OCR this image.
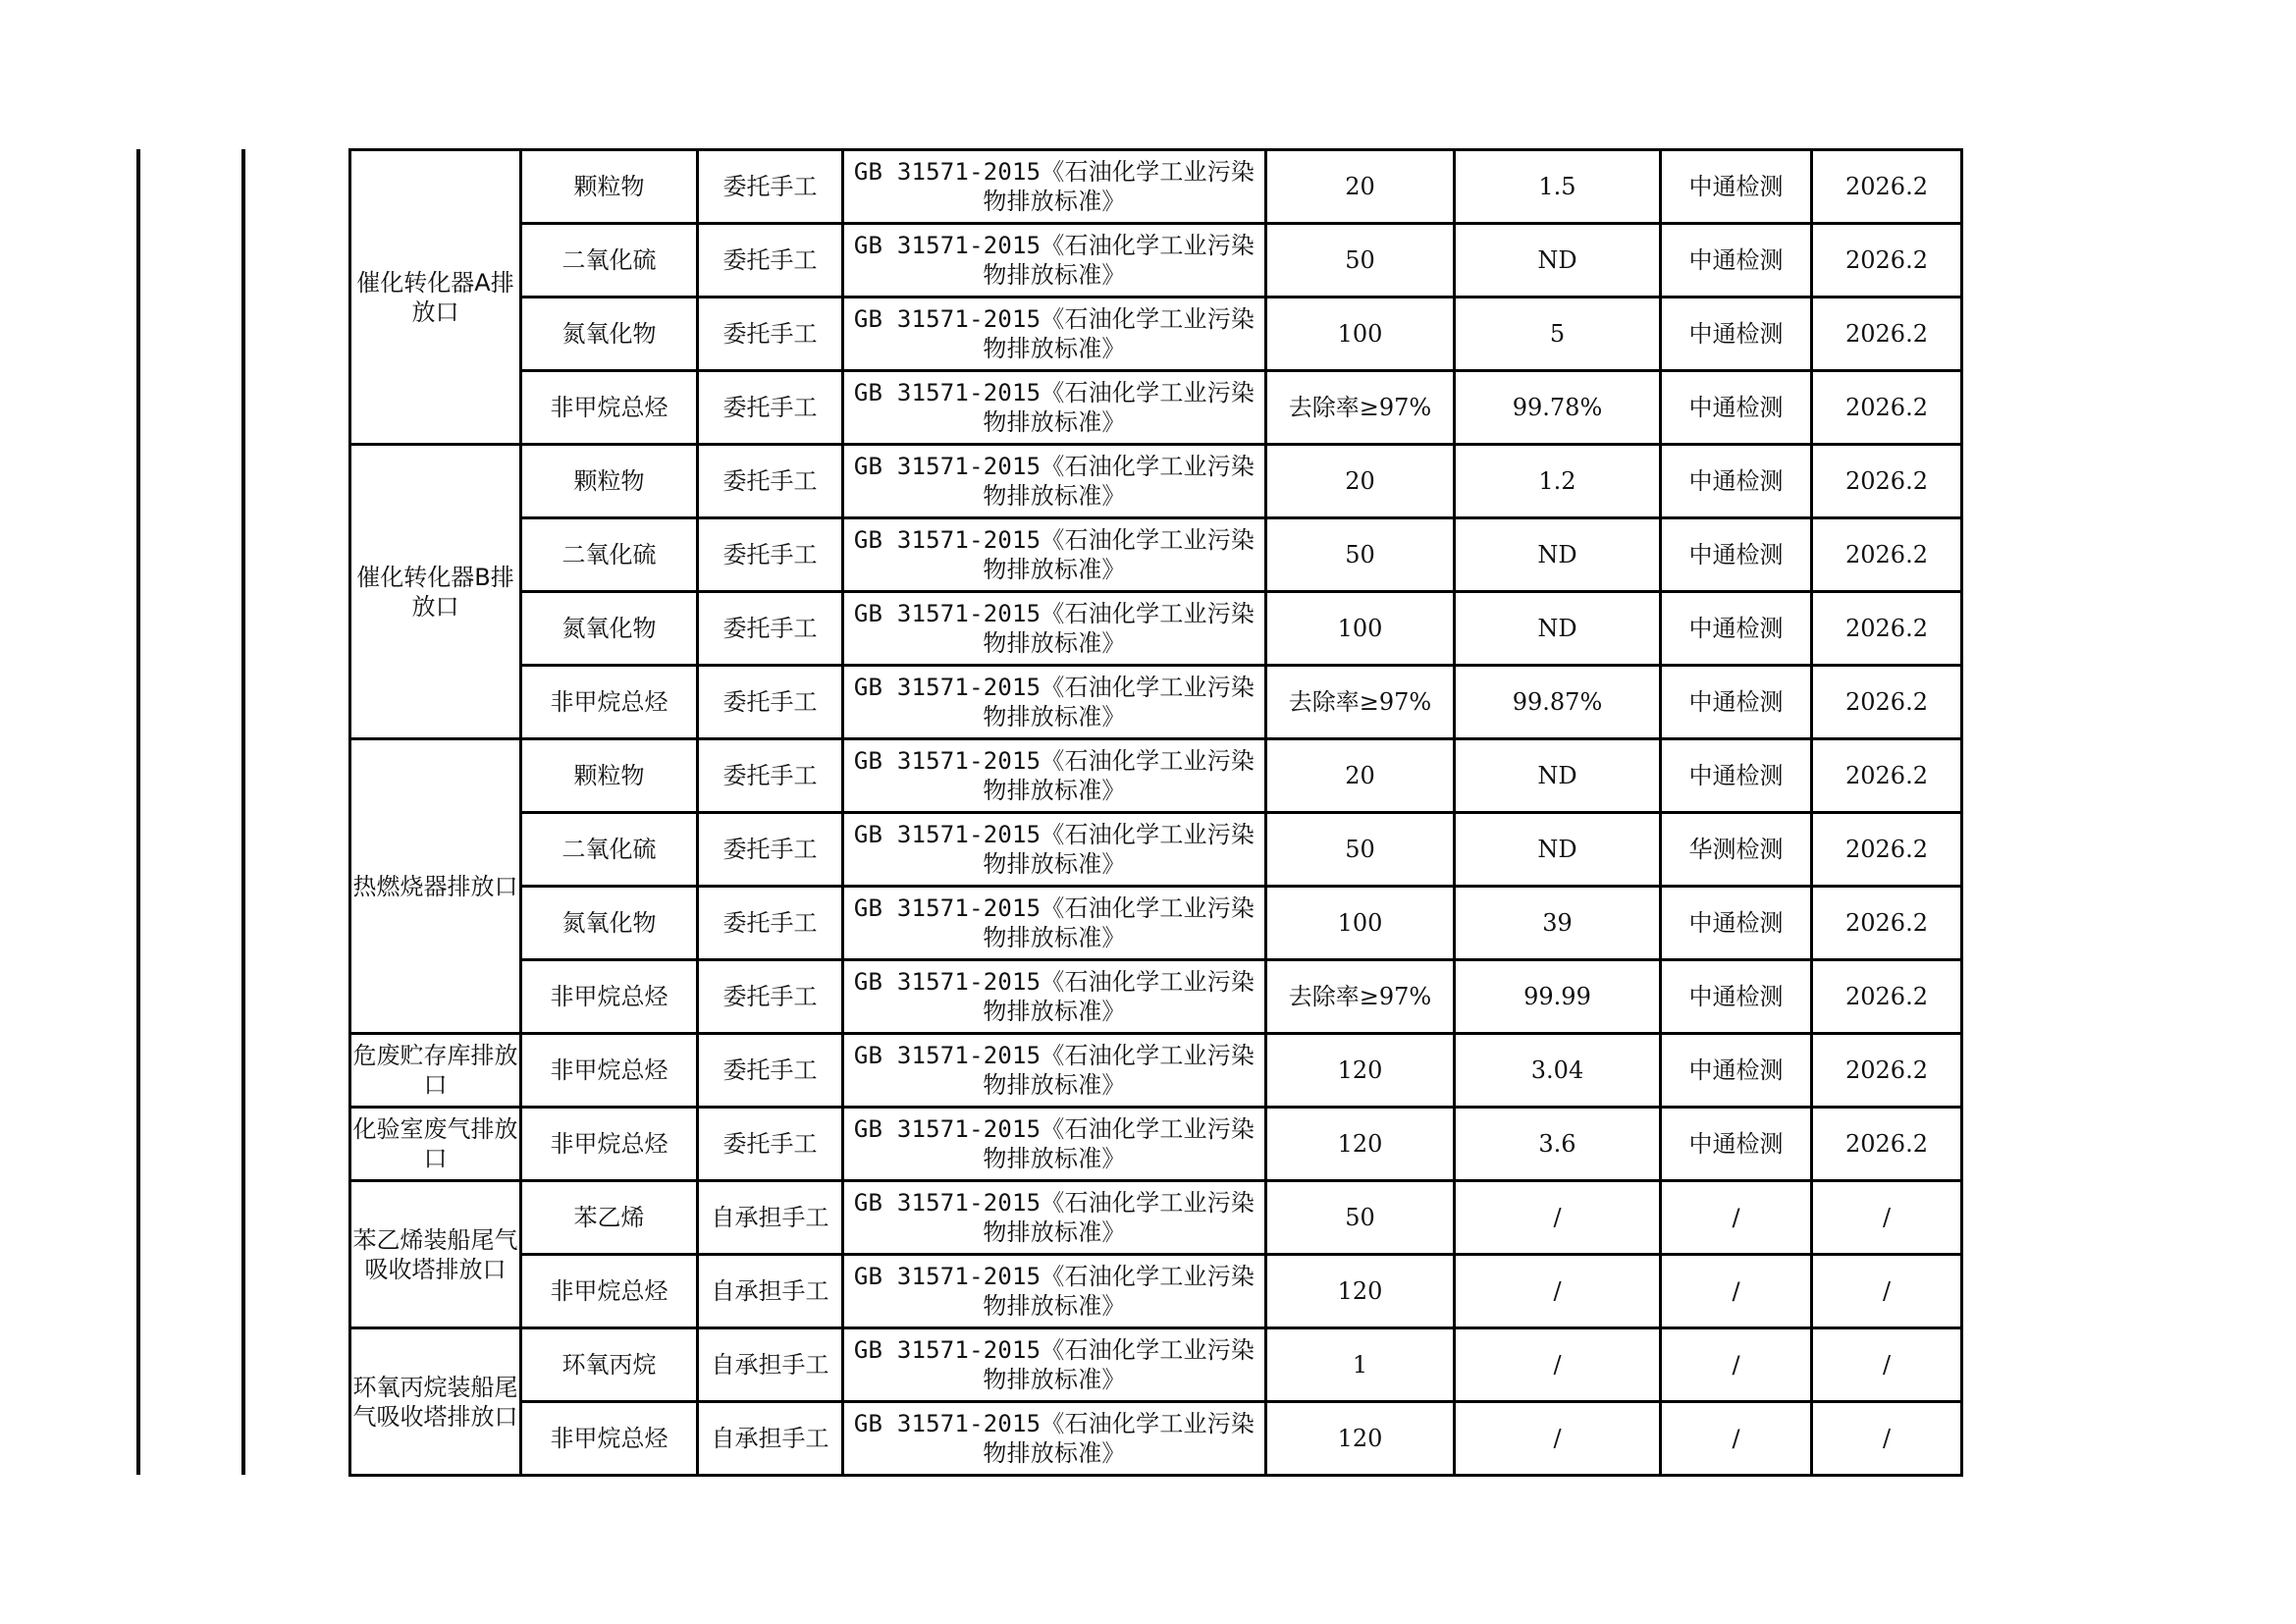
催化转化器A排放口	颗粒物	委托手工	GB 31571-2015《石油化学工业污染物排放标准》	20	1.5	中通检测	2026.2
	二氧化硫	委托手工	GB 31571-2015《石油化学工业污染物排放标准》	50	ND	中通检测	2026.2
	氮氧化物	委托手工	GB 31571-2015《石油化学工业污染物排放标准》	100	5	中通检测	2026.2
	非甲烷总烃	委托手工	GB 31571-2015《石油化学工业污染物排放标准》	去除率≥97%	99.78%	中通检测	2026.2
催化转化器B排放口	颗粒物	委托手工	GB 31571-2015《石油化学工业污染物排放标准》	20	1.2	中通检测	2026.2
	二氧化硫	委托手工	GB 31571-2015《石油化学工业污染物排放标准》	50	ND	中通检测	2026.2
	氮氧化物	委托手工	GB 31571-2015《石油化学工业污染物排放标准》	100	ND	中通检测	2026.2
	非甲烷总烃	委托手工	GB 31571-2015《石油化学工业污染物排放标准》	去除率≥97%	99.87%	中通检测	2026.2
热燃烧器排放口	颗粒物	委托手工	GB 31571-2015《石油化学工业污染物排放标准》	20	ND	中通检测	2026.2
	二氧化硫	委托手工	GB 31571-2015《石油化学工业污染物排放标准》	50	ND	华测检测	2026.2
	氮氧化物	委托手工	GB 31571-2015《石油化学工业污染物排放标准》	100	39	中通检测	2026.2
	非甲烷总烃	委托手工	GB 31571-2015《石油化学工业污染物排放标准》	去除率≥97%	99.99	中通检测	2026.2
危废贮存库排放口	非甲烷总烃	委托手工	GB 31571-2015《石油化学工业污染物排放标准》	120	3.04	中通检测	2026.2
化验室废气排放口	非甲烷总烃	委托手工	GB 31571-2015《石油化学工业污染物排放标准》	120	3.6	中通检测	2026.2
苯乙烯装船尾气吸收塔排放口	苯乙烯	自承担手工	GB 31571-2015《石油化学工业污染物排放标准》	50	/	/	/
	非甲烷总烃	自承担手工	GB 31571-2015《石油化学工业污染物排放标准》	120	/	/	/
环氧丙烷装船尾气吸收塔排放口	环氧丙烷	自承担手工	GB 31571-2015《石油化学工业污染物排放标准》	1	/	/	/
	非甲烷总烃	自承担手工	GB 31571-2015《石油化学工业污染物排放标准》	120	/	/	/
